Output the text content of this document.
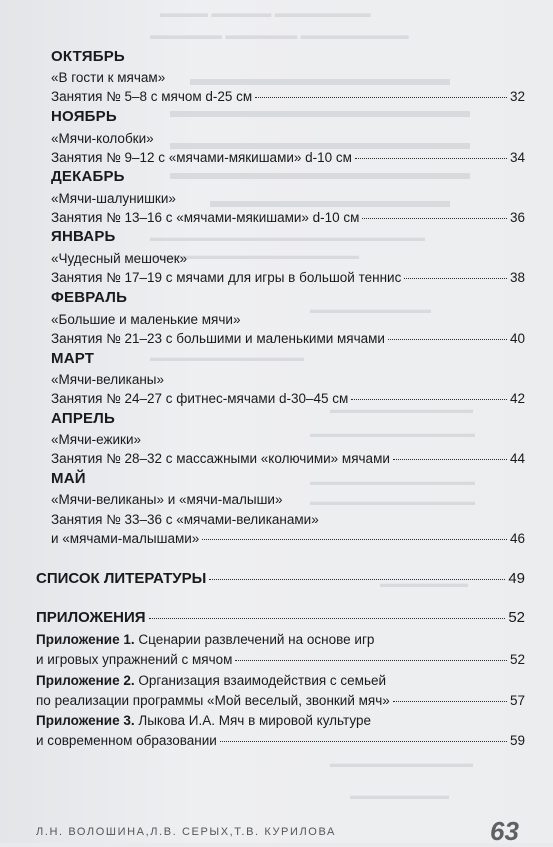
▬▬▬▬ ▬▬▬▬▬ ▬▬▬▬▬▬▬▬
▬▬▬▬▬▬ ▬▬▬▬▬▬ ▬▬▬▬▬▬▬▬▬
▬▬▬▬▬▬▬▬▬▬▬▬▬
▬▬▬▬▬▬▬▬▬▬▬▬▬▬▬
▬▬▬▬▬▬▬▬▬▬▬▬▬▬▬
▬▬▬▬▬▬▬▬▬▬▬▬▬▬▬
▬▬▬▬▬▬▬▬▬▬▬▬
▬▬▬▬▬▬▬▬▬▬▬▬▬▬▬▬▬▬▬▬▬▬▬▬▬
▬▬▬▬▬▬▬▬▬▬▬▬▬▬▬▬▬▬▬
▬▬▬▬▬▬▬▬▬▬▬
▬▬▬▬▬▬▬▬▬▬▬▬▬▬
▬▬▬▬▬▬▬▬▬▬▬▬▬
▬▬▬▬▬▬▬▬▬▬▬▬▬▬▬
▬▬▬▬▬▬▬▬▬▬▬▬▬▬▬
▬▬▬▬▬▬▬▬▬▬▬▬▬▬▬
▬▬▬▬▬▬▬▬
▬▬▬▬▬▬▬▬▬▬▬▬▬
▬▬▬▬▬▬▬▬▬
ОКТЯБРЬ
«В гости к мячам»
Занятия № 5–8 с мячом d-25 см	32
НОЯБРЬ
«Мячи-колобки»
Занятия № 9–12 с «мячами-мякишами» d-10 см	34
ДЕКАБРЬ
«Мячи-шалунишки»
Занятия № 13–16 с «мячами-мякишами» d-10 см	36
ЯНВАРЬ
«Чудесный мешочек»
Занятия № 17–19 с мячами для игры в большой теннис	38
ФЕВРАЛЬ
«Большие и маленькие мячи»
Занятия № 21–23 с большими и маленькими мячами	40
МАРТ
«Мячи-великаны»
Занятия № 24–27 с фитнес-мячами d-30–45 см	42
АПРЕЛЬ
«Мячи-ежики»
Занятия № 28–32 с массажными «колючими» мячами	44
МАЙ
«Мячи-великаны» и «мячи-малыши»
Занятия № 33–36 с «мячами-великанами»
и «мячами-малышами»	46
СПИСОК ЛИТЕРАТУРЫ	49
ПРИЛОЖЕНИЯ	52
Приложение 1. Сценарии развлечений на основе игр
и игровых упражнений с мячом	52
Приложение 2. Организация взаимодействия с семьей
по реализации программы «Мой веселый, звонкий мяч»	57
Приложение 3. Лыкова И.А. Мяч в мировой культуре
и современном образовании	59
Л.Н. ВОЛОШИНА,Л.В. СЕРЫХ,Т.В. КУРИЛОВА	63
